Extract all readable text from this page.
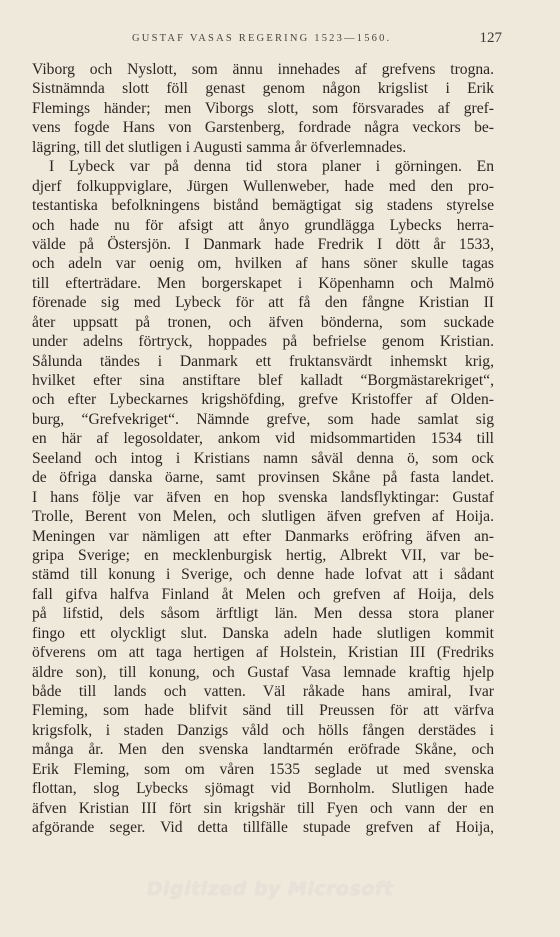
GUSTAF VASAS REGERING 1523—1560.	127
Viborg och Nyslott, som ännu innehades af grefvens trogna.
Sistnämnda slott föll genast genom någon krigslist i Erik
Flemings händer; men Viborgs slott, som försvarades af gref-
vens fogde Hans von Garstenberg, fordrade några veckors be-
lägring, till det slutligen i Augusti samma år öfverlemnades.
I Lybeck var på denna tid stora planer i görningen. En
djerf folkuppviglare, Jürgen Wullenweber, hade med den pro-
testantiska befolkningens bistånd bemägtigat sig stadens styrelse
och hade nu för afsigt att ånyo grundlägga Lybecks herra-
välde på Östersjön. I Danmark hade Fredrik I dött år 1533,
och adeln var oenig om, hvilken af hans söner skulle tagas
till efterträdare. Men borgerskapet i Köpenhamn och Malmö
förenade sig med Lybeck för att få den fångne Kristian II
åter uppsatt på tronen, och äfven bönderna, som suckade
under adelns förtryck, hoppades på befrielse genom Kristian.
Sålunda tändes i Danmark ett fruktansvärdt inhemskt krig,
hvilket efter sina anstiftare blef kalladt “Borgmästarekriget“,
och efter Lybeckarnes krigshöfding, grefve Kristoffer af Olden-
burg, “Grefvekriget“. Nämnde grefve, som hade samlat sig
en här af legosoldater, ankom vid midsommartiden 1534 till
Seeland och intog i Kristians namn såväl denna ö, som ock
de öfriga danska öarne, samt provinsen Skåne på fasta landet.
I hans följe var äfven en hop svenska landsflyktingar: Gustaf
Trolle, Berent von Melen, och slutligen äfven grefven af Hoija.
Meningen var nämligen att efter Danmarks eröfring äfven an-
gripa Sverige; en mecklenburgisk hertig, Albrekt VII, var be-
stämd till konung i Sverige, och denne hade lofvat att i sådant
fall gifva halfva Finland åt Melen och grefven af Hoija, dels
på lifstid, dels såsom ärftligt län. Men dessa stora planer
fingo ett olyckligt slut. Danska adeln hade slutligen kommit
öfverens om att taga hertigen af Holstein, Kristian III (Fredriks
äldre son), till konung, och Gustaf Vasa lemnade kraftig hjelp
både till lands och vatten. Väl råkade hans amiral, Ivar
Fleming, som hade blifvit sänd till Preussen för att värfva
krigsfolk, i staden Danzigs våld och hölls fången derstädes i
många år. Men den svenska landtarmén eröfrade Skåne, och
Erik Fleming, som om våren 1535 seglade ut med svenska
flottan, slog Lybecks sjömagt vid Bornholm. Slutligen hade
äfven Kristian III fört sin krigshär till Fyen och vann der en
afgörande seger. Vid detta tillfälle stupade grefven af Hoija,
Digitized by Microsoft
